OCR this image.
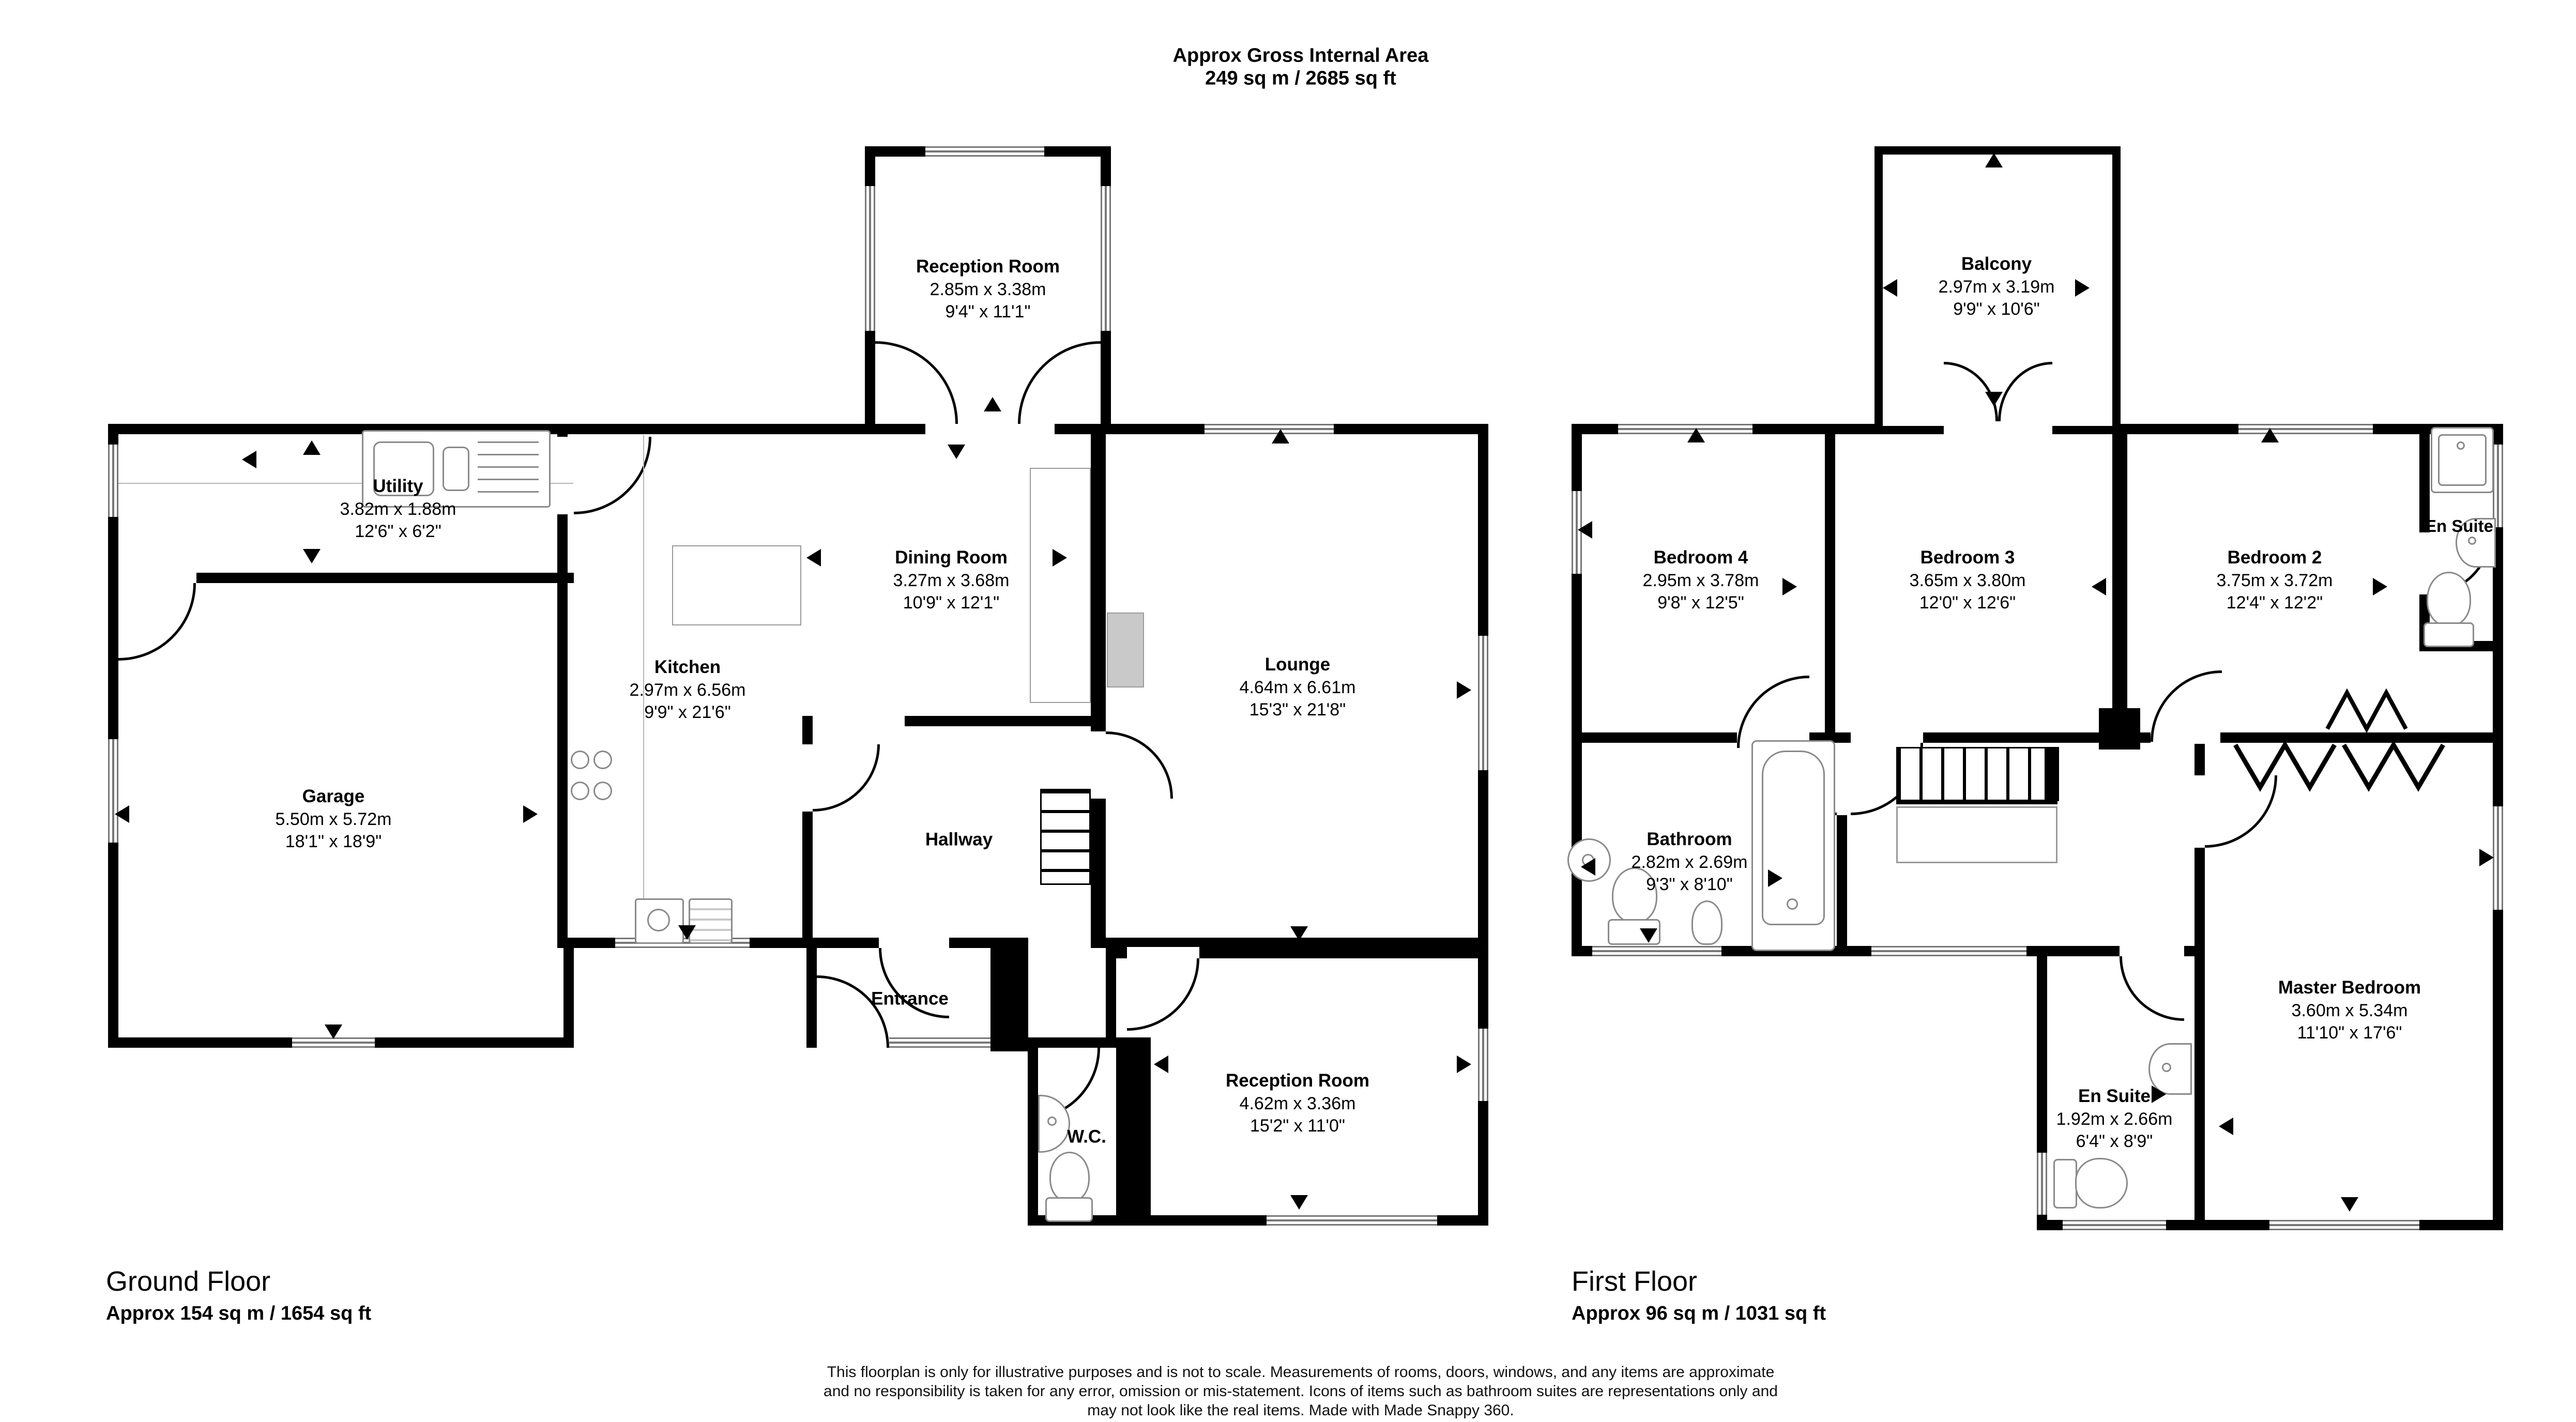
Approx Gross Internal Area
249 sq m / 2685 sq ft
Reception Room
2.85m x 3.38m
9'4" x 11'1"
Utility
3.82m x 1.88m
12'6" x 6'2"
Dining Room
3.27m x 3.68m
10'9" x 12'1"
Kitchen
2.97m x 6.56m
9'9" x 21'6"
Lounge
4.64m x 6.61m
15'3" x 21'8"
Garage
5.50m x 5.72m
18'1" x 18'9"	Hallway
Entrance
W.C.
Reception Room
4.62m x 3.36m
15'2" x 11'0"
Balcony
2.97m x 3.19m
9'9" x 10'6"
Bedroom 4
2.95m x 3.78m
9'8" x 12'5"
Bedroom 3
3.65m x 3.80m
12'0" x 12'6"
Bedroom 2
3.75m x 3.72m
12'4" x 12'2"
En Suite
Bathroom
2.82m x 2.69m
9'3" x 8'10"
Master Bedroom
3.60m x 5.34m
11'10" x 17'6"
En Suite
1.92m x 2.66m
6'4" x 8'9"
Ground Floor
Approx 154 sq m / 1654 sq ft
First Floor
Approx 96 sq m / 1031 sq ft
This floorplan is only for illustrative purposes and is not to scale. Measurements of rooms, doors, windows, and any items are approximate
and no responsibility is taken for any error, omission or mis-statement. Icons of items such as bathroom suites are representations only and
may not look like the real items. Made with Made Snappy 360.
